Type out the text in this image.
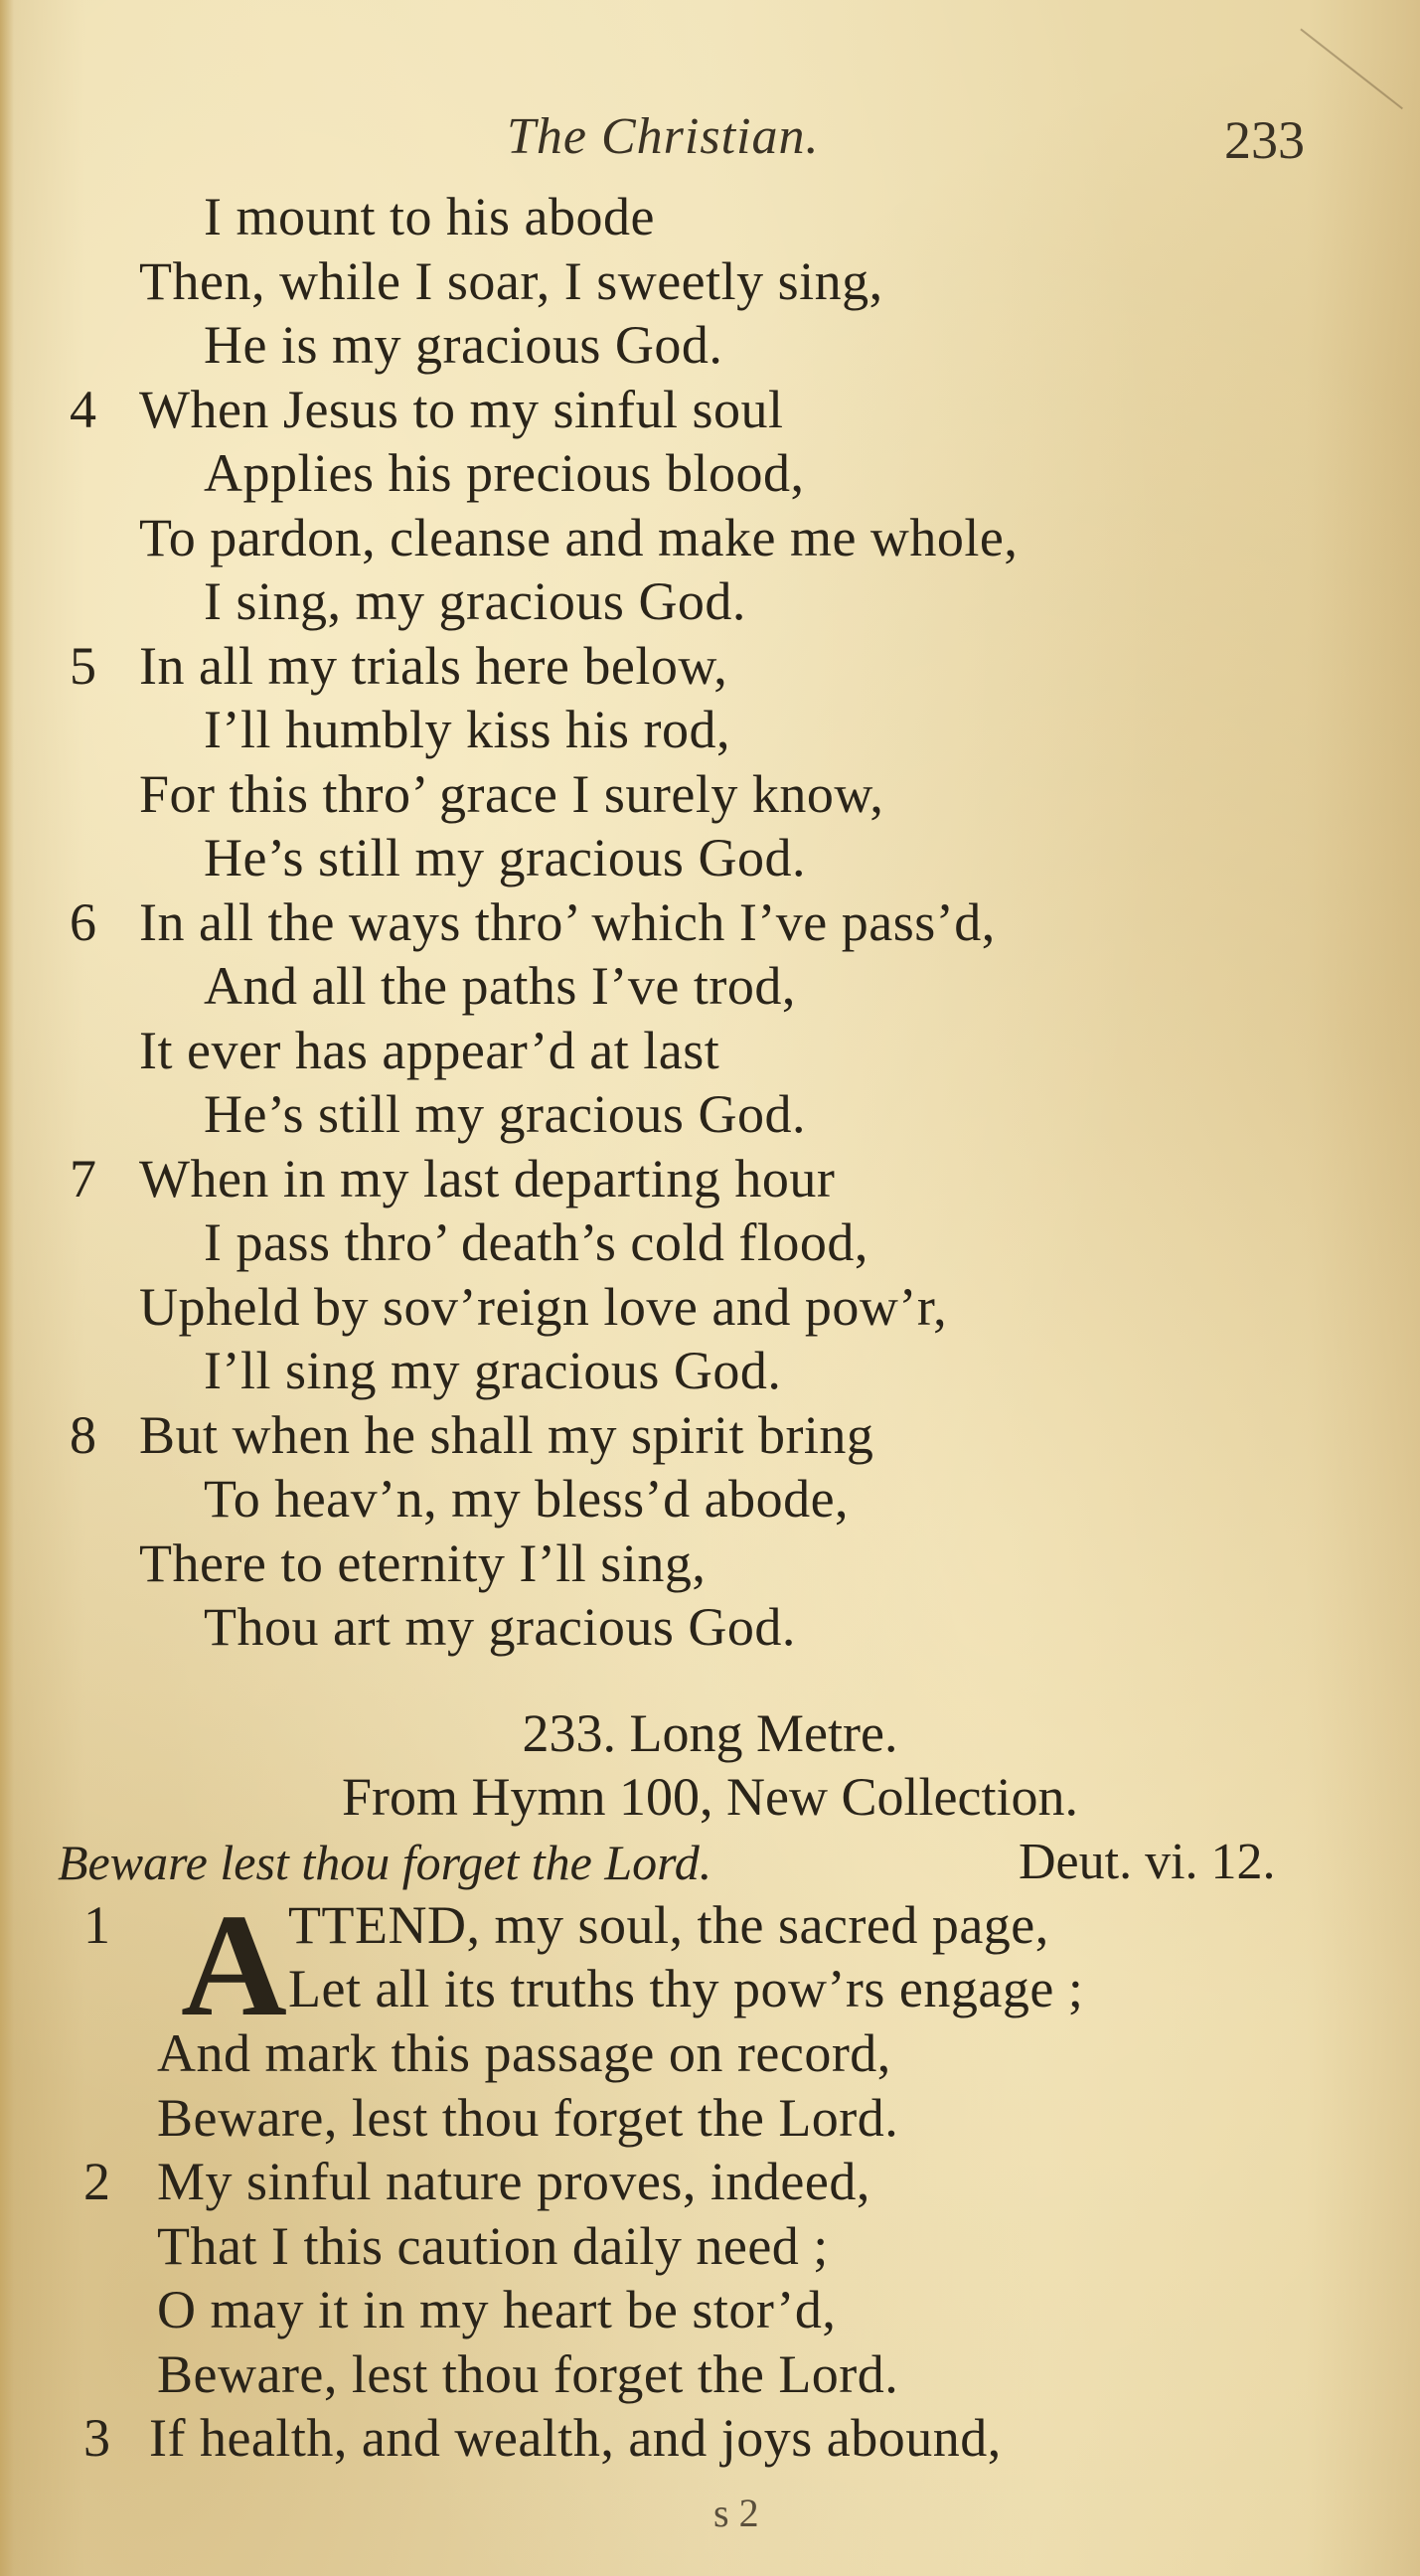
The Christian.	233
I mount to his abode
Then, while I soar, I sweetly sing,
He is my gracious God.
4 When Jesus to my sinful soul
Applies his precious blood,
To pardon, cleanse and make me whole,
I sing, my gracious God.
5 In all my trials here below,
I’ll humbly kiss his rod,
For this thro’ grace I surely know,
He’s still my gracious God.
6 In all the ways thro’ which I’ve pass’d,
And all the paths I’ve trod,
It ever has appear’d at last
He’s still my gracious God.
7 When in my last departing hour
I pass thro’ death’s cold flood,
Upheld by sov’reign love and pow’r,
I’ll sing my gracious God.
8 But when he shall my spirit bring
To heav’n, my bless’d abode,
There to eternity I’ll sing,
Thou art my gracious God.
233. Long Metre.
From Hymn 100, New Collection.
Beware lest thou forget the Lord.	Deut. vi. 12.
1 A TTEND, my soul, the sacred page,
Let all its truths thy pow’rs engage ;
And mark this passage on record,
Beware, lest thou forget the Lord.
2 My sinful nature proves, indeed,
That I this caution daily need ;
O may it in my heart be stor’d,
Beware, lest thou forget the Lord.
3 If health, and wealth, and joys abound,
s 2
